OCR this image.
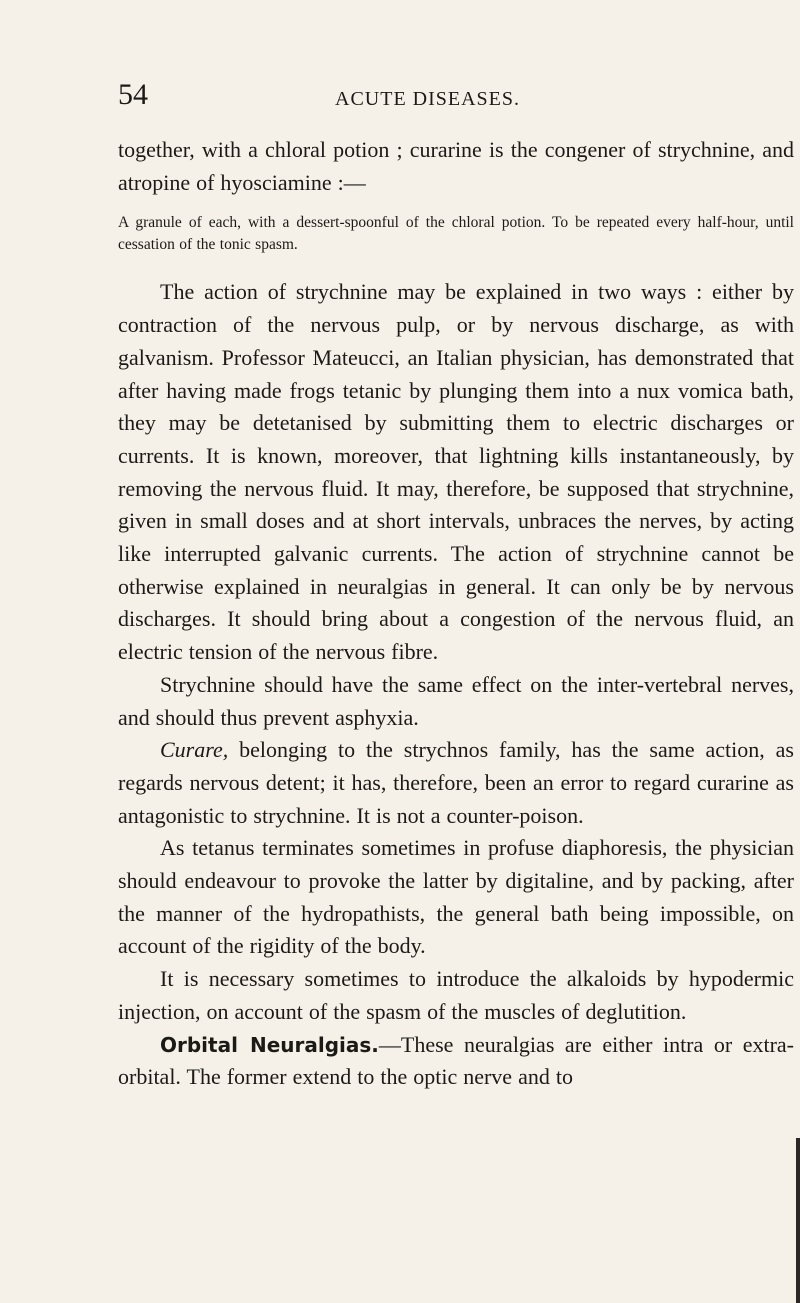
54	ACUTE DISEASES.

together, with a chloral potion ; curarine is the congener of strychnine, and atropine of hyosciamine :—

A granule of each, with a dessert-spoonful of the chloral potion. To be repeated every half-hour, until cessation of the tonic spasm.

The action of strychnine may be explained in two ways : either by contraction of the nervous pulp, or by nervous discharge, as with galvanism. Professor Mateucci, an Italian physician, has demonstrated that after having made frogs tetanic by plunging them into a nux vomica bath, they may be detetanised by submitting them to electric discharges or currents. It is known, moreover, that lightning kills instantaneously, by removing the nervous fluid. It may, therefore, be supposed that strychnine, given in small doses and at short intervals, unbraces the nerves, by acting like interrupted galvanic currents. The action of strychnine cannot be otherwise explained in neuralgias in general. It can only be by nervous discharges. It should bring about a congestion of the nervous fluid, an electric tension of the nervous fibre.

Strychnine should have the same effect on the inter-vertebral nerves, and should thus prevent asphyxia.

Curare, belonging to the strychnos family, has the same action, as regards nervous detent; it has, therefore, been an error to regard curarine as antagonistic to strychnine. It is not a counter-poison.

As tetanus terminates sometimes in profuse diaphoresis, the physician should endeavour to provoke the latter by digitaline, and by packing, after the manner of the hydropathists, the general bath being impossible, on account of the rigidity of the body.

It is necessary sometimes to introduce the alkaloids by hypodermic injection, on account of the spasm of the muscles of deglutition.

Orbital Neuralgias.—These neuralgias are either intra or extra-orbital. The former extend to the optic nerve and to
